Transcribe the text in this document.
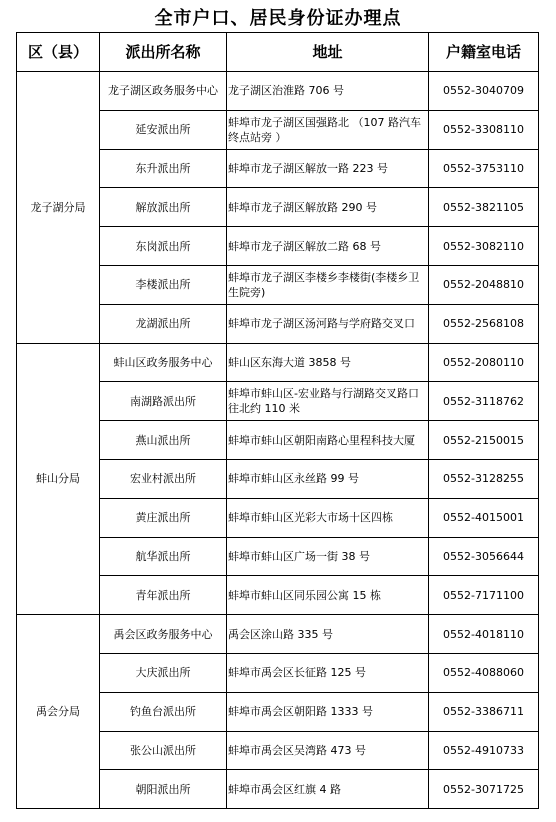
全市户口、居民身份证办理点
区（县）	派出所名称	地址	户籍室电话
龙子湖分局	龙子湖区政务服务中心	龙子湖区治淮路 706 号	0552-3040709
	延安派出所	蚌埠市龙子湖区国强路北 （107 路汽车终点站旁 ）	0552-3308110
	东升派出所	蚌埠市龙子湖区解放一路 223 号	0552-3753110
	解放派出所	蚌埠市龙子湖区解放路 290 号	0552-3821105
	东岗派出所	蚌埠市龙子湖区解放二路 68 号	0552-3082110
	李楼派出所	蚌埠市龙子湖区李楼乡李楼街(李楼乡卫生院旁)	0552-2048810
	龙湖派出所	蚌埠市龙子湖区汤河路与学府路交叉口	0552-2568108
蚌山分局	蚌山区政务服务中心	蚌山区东海大道 3858 号	0552-2080110
	南湖路派出所	蚌埠市蚌山区-宏业路与行湖路交叉路口往北约 110 米	0552-3118762
	燕山派出所	蚌埠市蚌山区朝阳南路心里程科技大厦	0552-2150015
	宏业村派出所	蚌埠市蚌山区永丝路 99 号	0552-3128255
	黄庄派出所	蚌埠市蚌山区光彩大市场十区四栋	0552-4015001
	航华派出所	蚌埠市蚌山区广场一街 38 号	0552-3056644
	青年派出所	蚌埠市蚌山区同乐园公寓 15 栋	0552-7171100
禹会分局	禹会区政务服务中心	禹会区涂山路 335 号	0552-4018110
	大庆派出所	蚌埠市禹会区长征路 125 号	0552-4088060
	钓鱼台派出所	蚌埠市禹会区朝阳路 1333 号	0552-3386711
	张公山派出所	蚌埠市禹会区吴湾路 473 号	0552-4910733
	朝阳派出所	蚌埠市禹会区红旗 4 路	0552-3071725
